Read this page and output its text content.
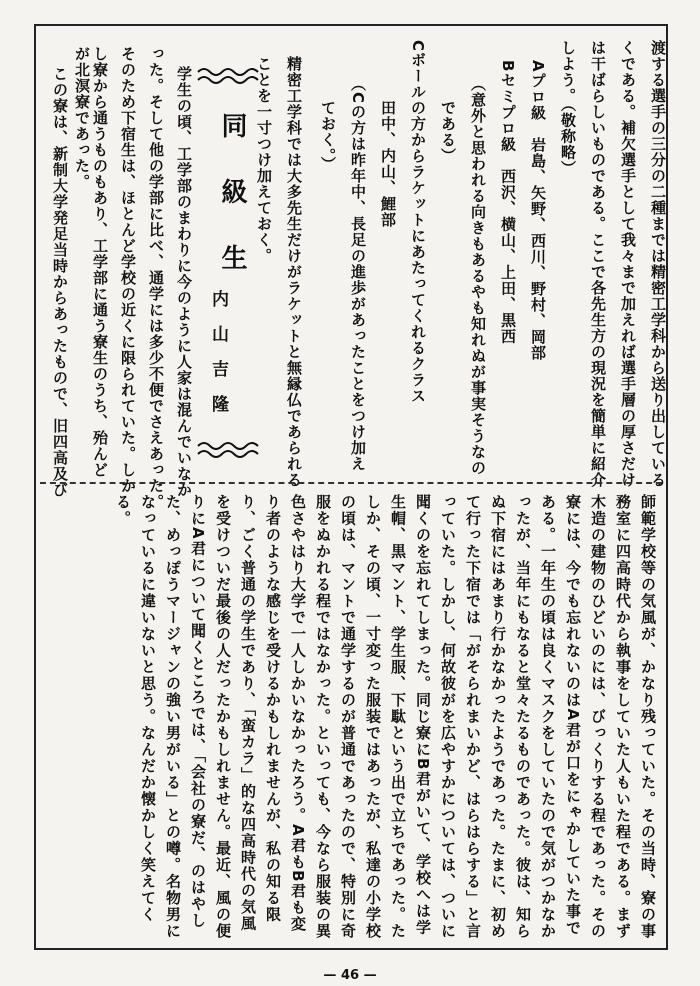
渡する選手の三分の二種までは精密工学科から送り出している
くである。補欠選手として我々まで加えれば選手層の厚さだけ
は干ばらしいものである。ここで各先生方の現況を簡単に紹介
しよう。（敬称略）
Aプロ級　岩島、矢野、西川、野村、岡部
Bセミプロ級　西沢、横山、上田、黒西
（意外と思われる向きもあるやも知れぬが事実そうなの
である）
Cボールの方からラケットにあたってくれるクラス
田中、内山、鯉部
（Cの方は昨年中、長足の進歩があったことをつけ加え
ておく。）
精密工学科では大多先生だけがラケットと無縁仏であられる
ことを一寸つけ加えておく。
同級生
内山吉隆
学生の頃、工学部のまわりに今のように人家は混んでいなか
った。そして他の学部に比べ、通学には多少不便でさえあった。
そのため下宿生は、ほとんど学校の近くに限られていた。しか
し寮から通うものもあり、工学部に通う寮生のうち、殆んど
が北溟寮であった。
この寮は、新制大学発足当時からあったもので、旧四高及び
師範学校等の気風が、かなり残っていた。その当時、寮の事務室に四高時代から執事をしていた人もいた程である。まず木造の建物のひどいのには、びっくりする程であった。その寮には、今でも忘れないのはA君が口をにゃかしていた事である。一年生の頃は良くマスクをしていたので気がつかなかったが、当年にもなると堂々たるものであった。彼は、知らぬ下宿にはあまり行かなかったようであった。たまに、初めて行った下宿では「がそられまいかど、はらはらする」と言っていた。しかし、何故彼がを広やすかについては、ついに聞くのを忘れてしまった。同じ寮にB君がいて、学校へは学生帽、黒マント、学生服、下駄という出で立ちであった。たしか、その頃、一寸変った服装ではあったが、私達の小学校の頃は、マントで通学するのが普通であったので、特別に奇服をぬかれる程ではなかった。といっても、今なら服装の異色さやはり大学で一人しかいなかったろう。A君もB君も変り者のような感じを受けるかもしれませんが、私の知る限り、ごく普通の学生であり、「蛮カラ」的な四高時代の気風を受けついだ最後の人だったかもしれません。最近、風の便りにA君について聞くところでは、「会社の寮だ、のはやした、めっぽうマージャンの強い男がいる」との噂。名物男になっているに違いないと思う。なんだか懐かしく笑えてくる。
— 46 —
